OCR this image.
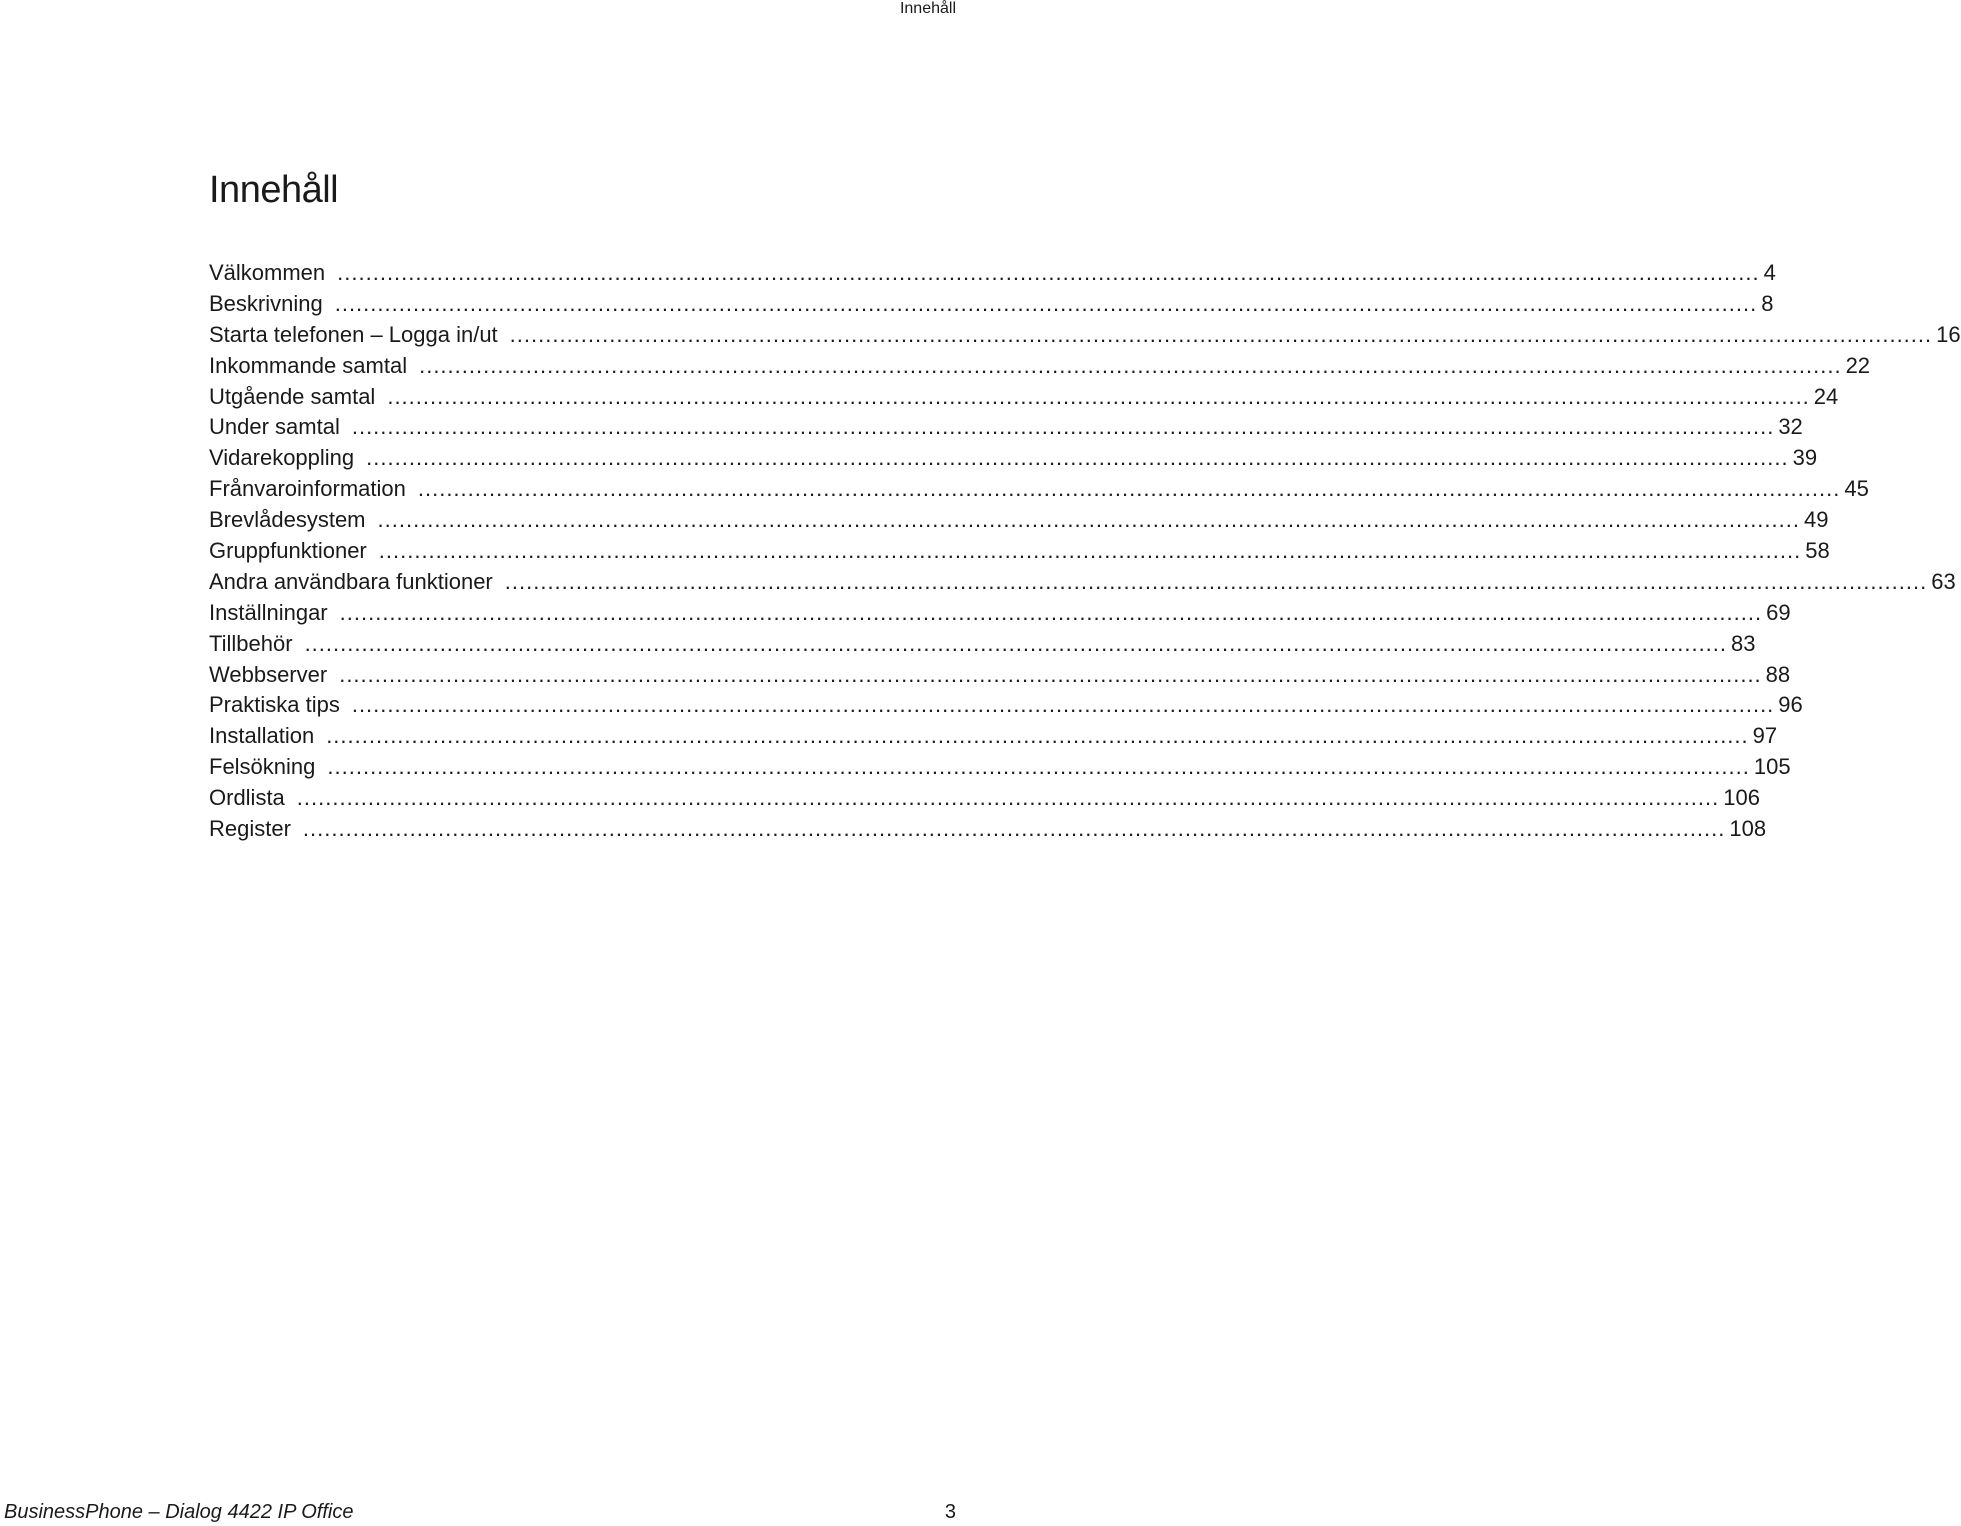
Innehåll
Innehåll
Välkommen ........................................................................................................................................................................................................ 4
Beskrivning ........................................................................................................................................................................................................ 8
Starta telefonen – Logga in/ut ........................................................................................................................................................................................................ 16
Inkommande samtal ........................................................................................................................................................................................................ 22
Utgående samtal ........................................................................................................................................................................................................ 24
Under samtal ........................................................................................................................................................................................................ 32
Vidarekoppling ........................................................................................................................................................................................................ 39
Frånvaroinformation ........................................................................................................................................................................................................ 45
Brevlådesystem ........................................................................................................................................................................................................ 49
Gruppfunktioner ........................................................................................................................................................................................................ 58
Andra användbara funktioner ........................................................................................................................................................................................................ 63
Inställningar ........................................................................................................................................................................................................ 69
Tillbehör ........................................................................................................................................................................................................ 83
Webbserver ........................................................................................................................................................................................................ 88
Praktiska tips ........................................................................................................................................................................................................ 96
Installation ........................................................................................................................................................................................................ 97
Felsökning ........................................................................................................................................................................................................ 105
Ordlista ........................................................................................................................................................................................................ 106
Register ........................................................................................................................................................................................................ 108
BusinessPhone – Dialog 4422 IP Office	3
